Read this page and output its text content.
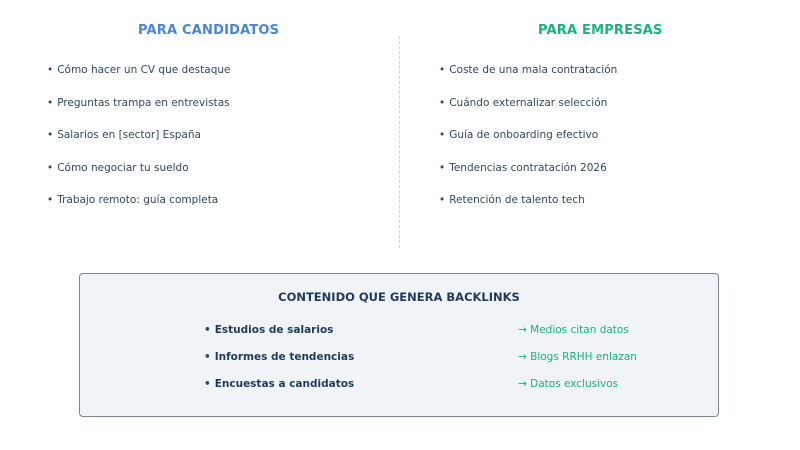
PARA CANDIDATOS	PARA EMPRESAS
• Cómo hacer un CV que destaque
• Preguntas trampa en entrevistas
• Salarios en [sector] España
• Cómo negociar tu sueldo
• Trabajo remoto: guía completa
• Coste de una mala contratación
• Cuándo externalizar selección
• Guía de onboarding efectivo
• Tendencias contratación 2026
• Retención de talento tech
CONTENIDO QUE GENERA BACKLINKS
• Estudios de salarios	→ Medios citan datos
• Informes de tendencias	→ Blogs RRHH enlazan
• Encuestas a candidatos	→ Datos exclusivos
